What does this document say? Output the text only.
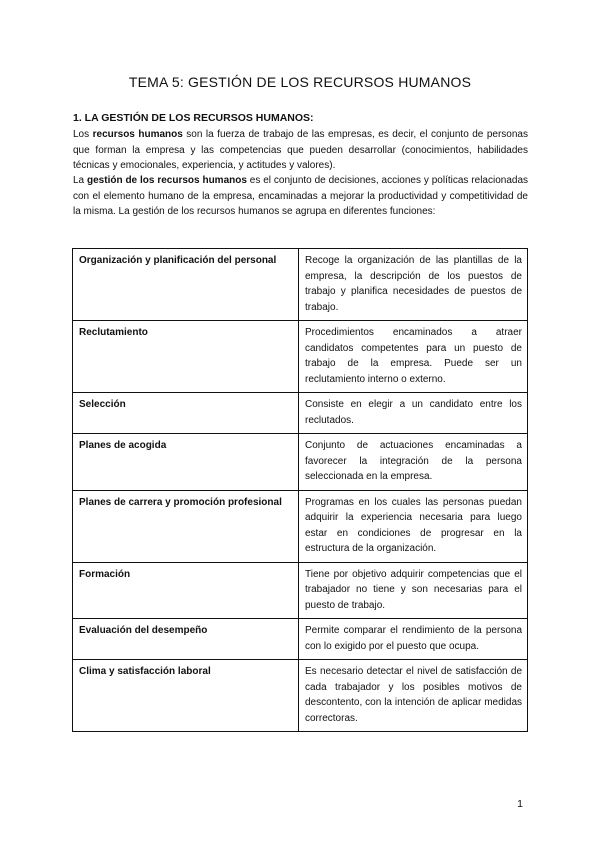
TEMA 5: GESTIÓN DE LOS RECURSOS HUMANOS
1. LA GESTIÓN DE LOS RECURSOS HUMANOS:

Los recursos humanos son la fuerza de trabajo de las empresas, es decir, el conjunto de personas que forman la empresa y las competencias que pueden desarrollar (conocimientos, habilidades técnicas y emocionales, experiencia, y actitudes y valores).

La gestión de los recursos humanos es el conjunto de decisiones, acciones y políticas relacionadas con el elemento humano de la empresa, encaminadas a mejorar la productividad y competitividad de la misma. La gestión de los recursos humanos se agrupa en diferentes funciones:

Organización y planificación del personal	Recoge la organización de las plantillas de la empresa, la descripción de los puestos de trabajo y planifica necesidades de puestos de trabajo.
Reclutamiento	Procedimientos encaminados a atraer candidatos competentes para un puesto de trabajo de la empresa. Puede ser un reclutamiento interno o externo.
Selección	Consiste en elegir a un candidato entre los reclutados.
Planes de acogida	Conjunto de actuaciones encaminadas a favorecer la integración de la persona seleccionada en la empresa.
Planes de carrera y promoción profesional	Programas en los cuales las personas puedan adquirir la experiencia necesaria para luego estar en condiciones de progresar en la estructura de la organización.
Formación	Tiene por objetivo adquirir competencias que el trabajador no tiene y son necesarias para el puesto de trabajo.
Evaluación del desempeño	Permite comparar el rendimiento de la persona con lo exigido por el puesto que ocupa.
Clima y satisfacción laboral	Es necesario detectar el nivel de satisfacción de cada trabajador y los posibles motivos de descontento, con la intención de aplicar medidas correctoras.
1
